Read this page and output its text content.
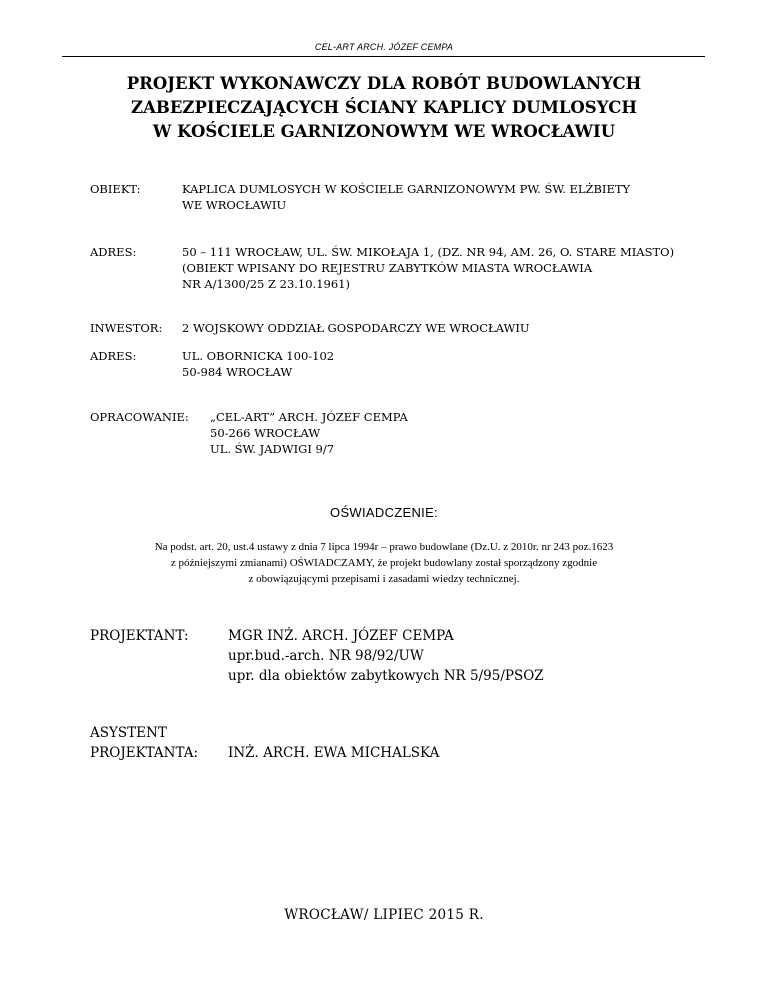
CEL-ART ARCH. JÓZEF CEMPA
PROJEKT WYKONAWCZY DLA ROBÓT BUDOWLANYCH
ZABEZPIECZAJĄCYCH ŚCIANY KAPLICY DUMLOSYCH
W KOŚCIELE GARNIZONOWYM WE WROCŁAWIU
OBIEKT:	KAPLICA DUMLOSYCH W KOŚCIELE GARNIZONOWYM PW. ŚW. ELŻBIETY
WE WROCŁAWIU
ADRES:	50 – 111 WROCŁAW, UL. ŚW. MIKOŁAJA 1, (DZ. NR 94, AM. 26, O. STARE MIASTO)
(OBIEKT WPISANY DO REJESTRU ZABYTKÓW MIASTA WROCŁAWIA
NR A/1300/25 Z 23.10.1961)
INWESTOR: 2 WOJSKOWY ODDZIAŁ GOSPODARCZY WE WROCŁAWIU
ADRES:	UL. OBORNICKA 100-102
50-984 WROCŁAW
OPRACOWANIE: „CEL-ART” ARCH. JÓZEF CEMPA
50-266 WROCŁAW
UL. ŚW. JADWIGI 9/7
OŚWIADCZENIE:
Na podst. art. 20, ust.4 ustawy z dnia 7 lipca 1994r – prawo budowlane (Dz.U. z 2010r. nr 243 poz.1623
z późniejszymi zmianami) OŚWIADCZAMY, że projekt budowlany został sporządzony zgodnie
z obowiązującymi przepisami i zasadami wiedzy technicznej.
PROJEKTANT:	MGR INŻ. ARCH. JÓZEF CEMPA
upr.bud.-arch. NR 98/92/UW
upr. dla obiektów zabytkowych NR 5/95/PSOZ
ASYSTENT
PROJEKTANTA: INŻ. ARCH. EWA MICHALSKA
WROCŁAW/ LIPIEC 2015 R.
